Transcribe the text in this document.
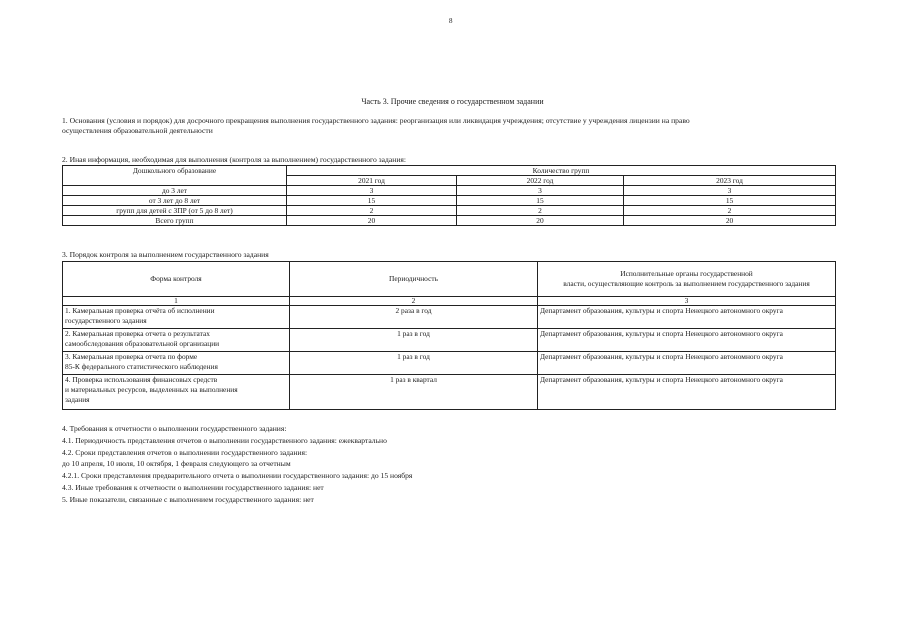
8
Часть 3. Прочие сведения о государственном задании
1. Основания (условия и порядок) для досрочного прекращения выполнения государственного задания: реорганизация или ликвидация учреждения; отсутствие у учреждения лицензии на право
осуществления образовательной деятельности
2. Иная информация, необходимая для выполнения (контроля за выполнением) государственного задания:
Дошкольного образование	Количество групп		
	2021 год	2022 год	2023 год
до 3 лет	3	3	3
от 3 лет до 8 лет	15	15	15
групп для детей с ЗПР (от 5 до 8 лет)	2	2	2
Всего групп	20	20	20
3. Порядок контроля за выполнением государственного задания
Форма контроля	Периодичность	Исполнительные органы государственной
власти, осуществляющие контроль за выполнением государственного задания

1	2	3

1. Камеральная проверка отчёта об исполнении
государственного задания	2 раза в год	Департамент образования, культуры и спорта Ненецкого автономного округа

2. Камеральная проверка отчета о результатах
самообследования образовательной организации	1 раз в год	Департамент образования, культуры и спорта Ненецкого автономного округа

3. Камеральная проверка отчета по форме
85-К федерального статистического наблюдения	1 раз в год	Департамент образования, культуры и спорта Ненецкого автономного округа

4. Проверка использования финансовых средств
и материальных ресурсов, выделенных на выполнения
задания	1 раз в квартал	Департамент образования, культуры и спорта Ненецкого автономного округа
4. Требования к отчетности о выполнении государственного задания:
4.1. Периодичность представления отчетов о выполнении государственного задания: ежеквартально
4.2. Сроки представления отчетов о выполнении государственного задания:
до 10 апреля, 10 июля, 10 октября, 1 февраля следующего за отчетным
4.2.1. Сроки представления предварительного отчета о выполнении государственного задания: до 15 ноября
4.3. Иные требования к отчетности о выполнении государственного задания: нет
5. Иные показатели, связанные с выполнением государственного задания: нет
